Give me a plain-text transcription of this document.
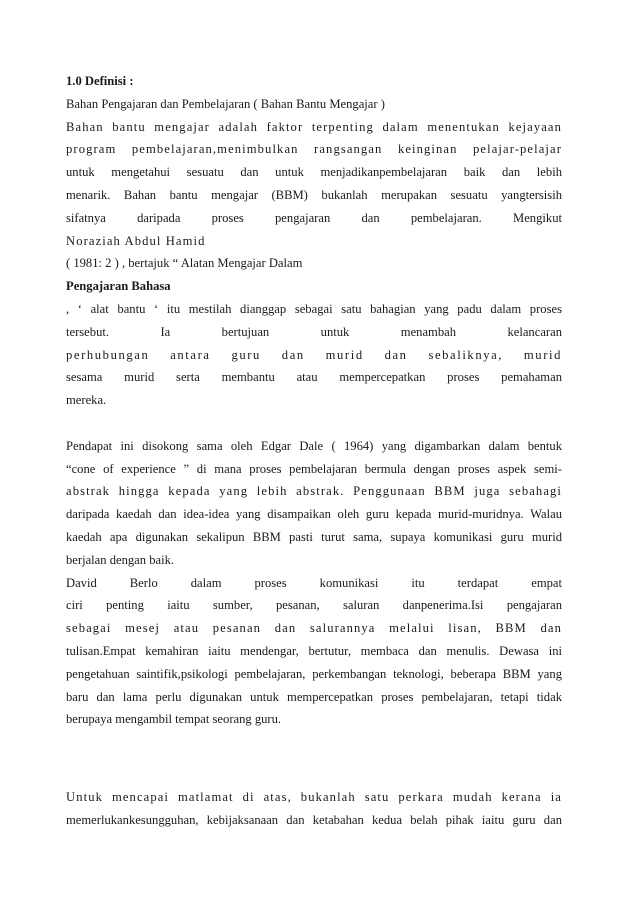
1.0 Definisi :
Bahan Pengajaran dan Pembelajaran ( Bahan Bantu Mengajar )
Bahan bantu mengajar adalah faktor terpenting dalam menentukan kejayaan
program pembelajaran,menimbulkan rangsangan keinginan pelajar-pelajar
untuk mengetahui sesuatu dan untuk menjadikanpembelajaran baik dan lebih
menarik. Bahan bantu mengajar (BBM) bukanlah merupakan sesuatu yangtersisih
sifatnya daripada proses pengajaran dan pembelajaran. Mengikut
Noraziah Abdul Hamid
( 1981: 2 ) , bertajuk “ Alatan Mengajar Dalam
Pengajaran Bahasa
, ‘ alat bantu ‘ itu mestilah dianggap sebagai satu bahagian yang padu dalam proses
tersebut. Ia bertujuan untuk menambah kelancaran
perhubungan antara guru dan murid dan sebaliknya, murid
sesama murid serta membantu atau mempercepatkan proses pemahaman
mereka.
Pendapat ini disokong sama oleh Edgar Dale ( 1964) yang digambarkan dalam bentuk
“cone of experience ” di mana proses pembelajaran bermula dengan proses aspek semi-
abstrak hingga kepada yang lebih abstrak. Penggunaan BBM juga sebahagi
daripada kaedah dan idea-idea yang disampaikan oleh guru kepada murid-muridnya. Walau
kaedah apa digunakan sekalipun BBM pasti turut sama, supaya komunikasi guru murid
berjalan dengan baik.
David Berlo dalam proses komunikasi itu terdapat empat
ciri penting iaitu sumber, pesanan, saluran danpenerima.Isi pengajaran
sebagai mesej atau pesanan dan salurannya melalui lisan, BBM dan
tulisan.Empat kemahiran iaitu mendengar, bertutur, membaca dan menulis. Dewasa ini
pengetahuan saintifik,psikologi pembelajaran, perkembangan teknologi, beberapa BBM yang
baru dan lama perlu digunakan untuk mempercepatkan proses pembelajaran, tetapi tidak
berupaya mengambil tempat seorang guru.
Untuk mencapai matlamat di atas, bukanlah satu perkara mudah kerana ia
memerlukankesungguhan, kebijaksanaan dan ketabahan kedua belah pihak iaitu guru dan
